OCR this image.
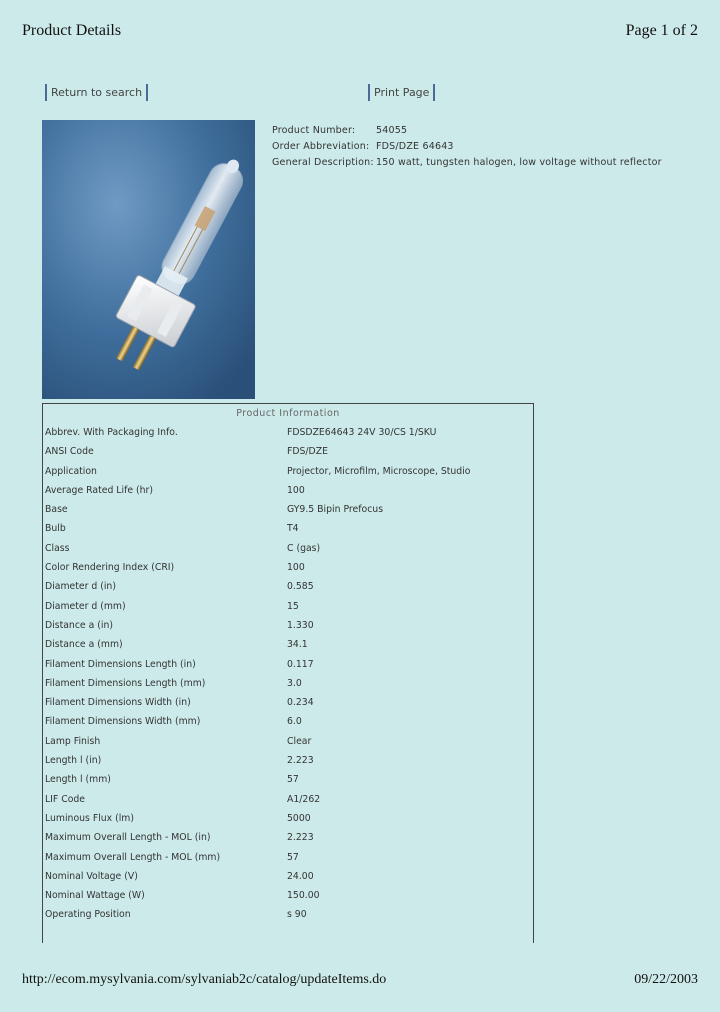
Product Details	Page 1 of 2
Return to search	Print Page
Product Number: 54055
Order Abbreviation: FDS/DZE 64643
General Description: 150 watt, tungsten halogen, low voltage without reflector
Product Information
Abbrev. With Packaging Info.	FDSDZE64643 24V 30/CS 1/SKU
ANSI Code	FDS/DZE
Application	Projector, Microfilm, Microscope, Studio
Average Rated Life (hr)	100
Base	GY9.5 Bipin Prefocus
Bulb	T4
Class	C (gas)
Color Rendering Index (CRI)	100
Diameter d (in)	0.585
Diameter d (mm)	15
Distance a (in)	1.330
Distance a (mm)	34.1
Filament Dimensions Length (in)	0.117
Filament Dimensions Length (mm)	3.0
Filament Dimensions Width (in)	0.234
Filament Dimensions Width (mm)	6.0
Lamp Finish	Clear
Length l (in)	2.223
Length l (mm)	57
LIF Code	A1/262
Luminous Flux (lm)	5000
Maximum Overall Length - MOL (in)	2.223
Maximum Overall Length - MOL (mm)	57
Nominal Voltage (V)	24.00
Nominal Wattage (W)	150.00
Operating Position	s 90
http://ecom.mysylvania.com/sylvaniab2c/catalog/updateItems.do	09/22/2003
